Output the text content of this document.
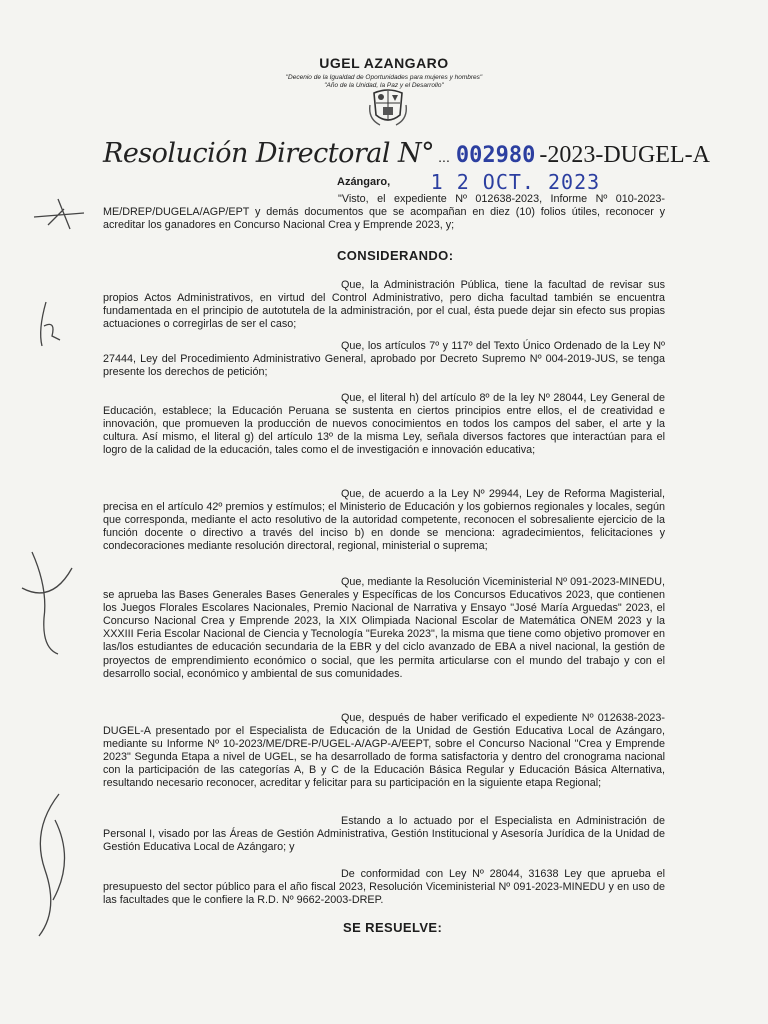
UGEL AZANGARO
"Decenio de la Igualdad de Oportunidades para mujeres y hombres"
"Año de la Unidad, la Paz y el Desarrollo"
Resolución Directoral N° ... 002980 -2023-DUGEL-A
Azángaro, 1 2 OCT. 2023

"Visto, el expediente Nº 012638-2023, Informe Nº 010-2023-ME/DREP/DUGELA/AGP/EPT y demás documentos que se acompañan en diez (10) folios útiles, reconocer y acreditar los ganadores en Concurso Nacional Crea y Emprende 2023, y;

CONSIDERANDO:

Que, la Administración Pública, tiene la facultad de revisar sus propios Actos Administrativos, en virtud del Control Administrativo, pero dicha facultad también se encuentra fundamentada en el principio de autotutela de la administración, por el cual, ésta puede dejar sin efecto sus propias actuaciones o corregirlas de ser el caso;

Que, los artículos 7º y 117º del Texto Único Ordenado de la Ley Nº 27444, Ley del Procedimiento Administrativo General, aprobado por Decreto Supremo Nº 004-2019-JUS, se tenga presente los derechos de petición;

Que, el literal h) del artículo 8º de la ley Nº 28044, Ley General de Educación, establece; la Educación Peruana se sustenta en ciertos principios entre ellos, el de creatividad e innovación, que promueven la producción de nuevos conocimientos en todos los campos del saber, el arte y la cultura. Así mismo, el literal g) del artículo 13º de la misma Ley, señala diversos factores que interactúan para el logro de la calidad de la educación, tales como el de investigación e innovación educativa;

Que, de acuerdo a la Ley Nº 29944, Ley de Reforma Magisterial, precisa en el artículo 42º premios y estímulos; el Ministerio de Educación y los gobiernos regionales y locales, según que corresponda, mediante el acto resolutivo de la autoridad competente, reconocen el sobresaliente ejercicio de la función docente o directivo a través del inciso b) en donde se menciona: agradecimientos, felicitaciones y condecoraciones mediante resolución directoral, regional, ministerial o suprema;

Que, mediante la Resolución Viceministerial Nº 091-2023-MINEDU, se aprueba las Bases Generales Bases Generales y Específicas de los Concursos Educativos 2023, que contienen los Juegos Florales Escolares Nacionales, Premio Nacional de Narrativa y Ensayo "José María Arguedas" 2023, el Concurso Nacional Crea y Emprende 2023, la XIX Olimpiada Nacional Escolar de Matemática ONEM 2023 y la XXXIII Feria Escolar Nacional de Ciencia y Tecnología "Eureka 2023", la misma que tiene como objetivo promover en las/los estudiantes de educación secundaria de la EBR y del ciclo avanzado de EBA a nivel nacional, la gestión de proyectos de emprendimiento económico o social, que les permita articularse con el mundo del trabajo y con el desarrollo social, económico y ambiental de sus comunidades.

Que, después de haber verificado el expediente Nº 012638-2023-DUGEL-A presentado por el Especialista de Educación de la Unidad de Gestión Educativa Local de Azángaro, mediante su Informe Nº 10-2023/ME/DRE-P/UGEL-A/AGP-A/EEPT, sobre el Concurso Nacional "Crea y Emprende 2023" Segunda Etapa a nivel de UGEL, se ha desarrollado de forma satisfactoria y dentro del cronograma nacional con la participación de las categorías A, B y C de la Educación Básica Regular y Educación Básica Alternativa, resultando necesario reconocer, acreditar y felicitar para su participación en la siguiente etapa Regional;

Estando a lo actuado por el Especialista en Administración de Personal I, visado por las Áreas de Gestión Administrativa, Gestión Institucional y Asesoría Jurídica de la Unidad de Gestión Educativa Local de Azángaro; y

De conformidad con Ley Nº 28044, 31638 Ley que aprueba el presupuesto del sector público para el año fiscal 2023, Resolución Viceministerial Nº 091-2023-MINEDU y en uso de las facultades que le confiere la R.D. Nº 9662-2003-DREP.

SE RESUELVE:
